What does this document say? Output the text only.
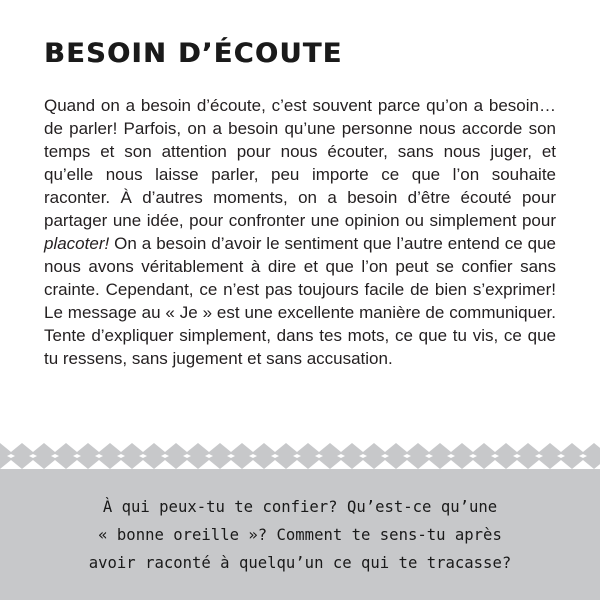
BESOIN D’ÉCOUTE

Quand on a besoin d’écoute, c’est souvent parce qu’on a besoin… de parler! Parfois, on a besoin qu’une personne nous accorde son temps et son attention pour nous écouter, sans nous juger, et qu’elle nous laisse parler, peu importe ce que l’on souhaite raconter. À d’autres moments, on a besoin d’être écouté pour partager une idée, pour confronter une opinion ou simplement pour placoter! On a besoin d’avoir le sentiment que l’autre entend ce que nous avons véritablement à dire et que l’on peut se confier sans crainte. Cependant, ce n’est pas toujours facile de bien s’exprimer! Le message au « Je » est une excellente manière de communiquer. Tente d’expliquer simplement, dans tes mots, ce que tu vis, ce que tu ressens, sans jugement et sans accusation.

À qui peux-tu te confier? Qu’est-ce qu’une
« bonne oreille »? Comment te sens-tu après
avoir raconté à quelqu’un ce qui te tracasse?
